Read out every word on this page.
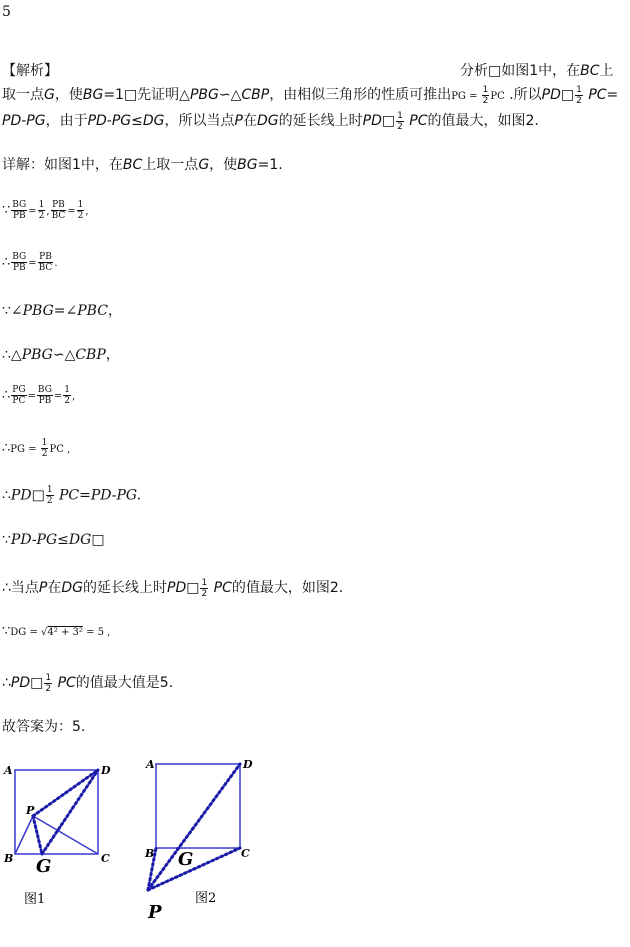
5
【解析】	分析□如图1中，在BC上
取一点G，使BG=1□先证明△PBG∽△CBP，由相似三角形的性质可推出PG = $\frac{1}{2}$ PC .所以PD□ $\frac{1}{2} PC=$
PD-PG，由于PD-PG≤DG，所以当点P在DG的延长线上时PD□ $\frac{1}{2}$ PC的值最大，如图2.
详解：如图1中，在BC上取一点G，使BG=1.
∵ $\frac{BG}{PB} = \frac{1}{2}$ , $\frac{PB}{BC} = \frac{1}{2}$ ,
∴ $\frac{BG}{PB} = \frac{PB}{BC}$ .
∵∠PBG=∠PBC，
∴△PBG∽△CBP，
∴ $\frac{PG}{PC} = \frac{BG}{PB} = \frac{1}{2}$ ,
∴PG = $\frac{1}{2}$ PC ,
∴PD□ $\frac{1}{2} PC=PD-PG$.
∵PD-PG≤DG□
∴当点P在DG的延长线上时PD□ $\frac{1}{2}$ PC的值最大，如图2.
∵DG = √4² + 3² = 5 ,
∴PD□ $\frac{1}{2}$ PC的值最大值是5.
故答案为：5.
A	D
B	C
P
G
图1
A	D
B	C
G
P
图2
